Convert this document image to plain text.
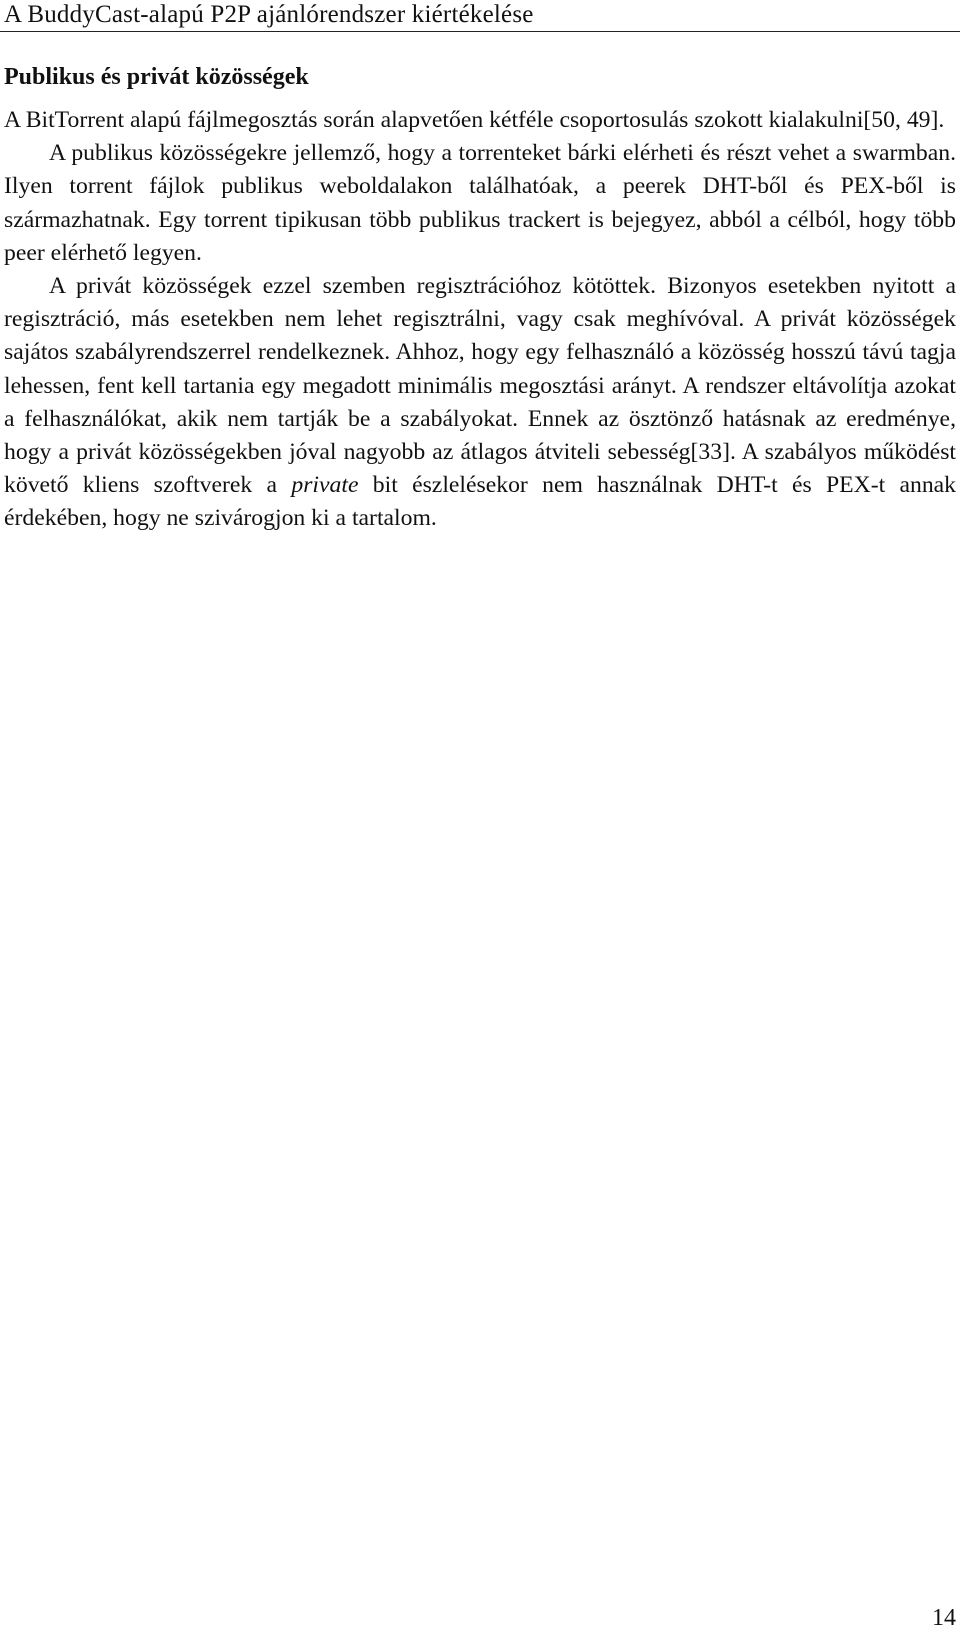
A BuddyCast-alapú P2P ajánlórendszer kiértékelése
Publikus és privát közösségek

A BitTorrent alapú fájlmegosztás során alapvetően kétféle csoportosulás szokott kialakulni[50, 49].

A publikus közösségekre jellemző, hogy a torrenteket bárki elérheti és részt vehet a swarmban. Ilyen torrent fájlok publikus weboldalakon találhatóak, a peerek DHT-ből és PEX-ből is származhatnak. Egy torrent tipikusan több publikus trackert is bejegyez, abból a célból, hogy több peer elérhető legyen.

A privát közösségek ezzel szemben regisztrációhoz kötöttek. Bizonyos esetekben nyitott a regisztráció, más esetekben nem lehet regisztrálni, vagy csak meghívóval. A privát közösségek sajátos szabályrendszerrel rendelkeznek. Ahhoz, hogy egy felhasználó a közösség hosszú távú tagja lehessen, fent kell tartania egy megadott minimális megosztási arányt. A rendszer eltávolítja azokat a felhasználókat, akik nem tartják be a szabályokat. Ennek az ösztönző hatásnak az eredménye, hogy a privát közösségekben jóval nagyobb az átlagos átviteli sebesség[33]. A szabályos működést követő kliens szoftverek a private bit észlelésekor nem használnak DHT-t és PEX-t annak érdekében, hogy ne szivárogjon ki a tartalom.

14
